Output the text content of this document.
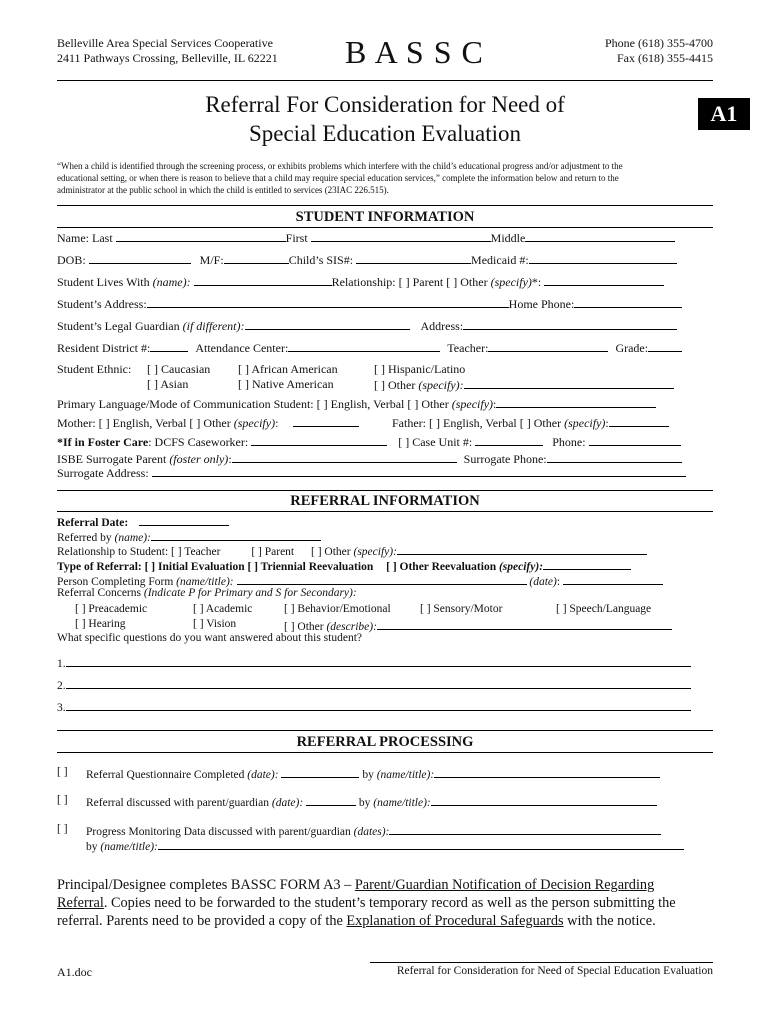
Belleville Area Special Services Cooperative
2411 Pathways Crossing, Belleville, IL 62221 B A S S C	Phone (618) 355-4700
Fax (618) 355-4415
Referral For Consideration for Need of
Special Education Evaluation
A1
“When a child is identified through the screening process, or exhibits problems which interfere with the child’s educational progress and/or adjustment to the
educational setting, or when there is reason to believe that a child may require special education services,” complete the information below and return to the
administrator at the public school in which the child is entitled to services (23IAC 226.515).
STUDENT INFORMATION
Name: Last	First	Middle
DOB:	M/F:	Child’s SIS#:	Medicaid #:
Student Lives With (name):	Relationship: [ ] Parent [ ] Other (specify)*:
Student’s Address:	Home Phone:
Student’s Legal Guardian (if different):	Address:
Resident District #:	Attendance Center:	Teacher:	Grade:
Student Ethnic: [ ] Caucasian [ ] African American	[ ] Hispanic/Latino
[ ] Asian	[ ] Native American	[ ] Other (specify):
Primary Language/Mode of Communication Student: [ ] English, Verbal [ ] Other (specify):
Mother: [ ] English, Verbal [ ] Other (specify):	Father: [ ] English, Verbal [ ] Other (specify):
*If in Foster Care: DCFS Caseworker:	[ ] Case Unit #:	Phone:
ISBE Surrogate Parent (foster only):	Surrogate Phone:
Surrogate Address:
REFERRAL INFORMATION
Referral Date:
Referred by (name):
Relationship to Student: [ ] Teacher	[ ] Parent [ ] Other (specify):
Type of Referral: [ ] Initial Evaluation [ ] Triennial Reevaluation [ ] Other Reevaluation (specify):
Person Completing Form (name/title):	(date):
Referral Concerns (Indicate P for Primary and S for Secondary):
[ ] Preacademic	[ ] Academic	[ ] Behavior/Emotional	[ ] Sensory/Motor	[ ] Speech/Language
[ ] Hearing	[ ] Vision	[ ] Other (describe):
What specific questions do you want answered about this student?
1.
2.
3.
REFERRAL PROCESSING
[ ] Referral Questionnaire Completed (date):	by (name/title):
[ ] Referral discussed with parent/guardian (date):	by (name/title):
[ ] Progress Monitoring Data discussed with parent/guardian (dates):
by (name/title):
Principal/Designee completes BASSC FORM A3 – Parent/Guardian Notification of Decision Regarding
Referral. Copies need to be forwarded to the student’s temporary record as well as the person submitting the
referral. Parents need to be provided a copy of the Explanation of Procedural Safeguards with the notice.
A1.doc	Referral for Consideration for Need of Special Education Evaluation
